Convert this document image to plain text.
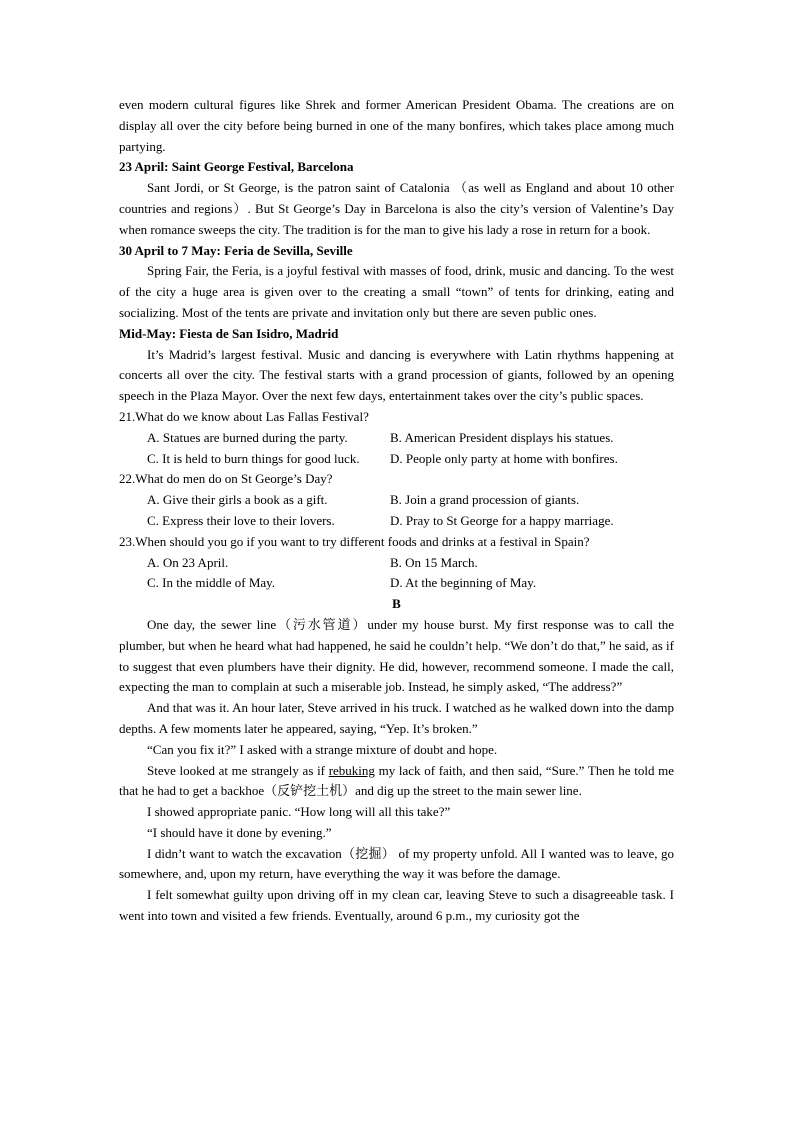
even modern cultural figures like Shrek and former American President Obama. The creations are on display all over the city before being burned in one of the many bonfires, which takes place among much partying.

23 April: Saint George Festival, Barcelona

Sant Jordi, or St George, is the patron saint of Catalonia （as well as England and about 10 other countries and regions）. But St George’s Day in Barcelona is also the city’s version of Valentine’s Day when romance sweeps the city. The tradition is for the man to give his lady a rose in return for a book.

30 April to 7 May: Feria de Sevilla, Seville

Spring Fair, the Feria, is a joyful festival with masses of food, drink, music and dancing. To the west of the city a huge area is given over to the creating a small “town” of tents for drinking, eating and socializing. Most of the tents are private and invitation only but there are seven public ones.

Mid-May: Fiesta de San Isidro, Madrid

It’s Madrid’s largest festival. Music and dancing is everywhere with Latin rhythms happening at concerts all over the city. The festival starts with a grand procession of giants, followed by an opening speech in the Plaza Mayor. Over the next few days, entertainment takes over the city’s public spaces.

21.What do we know about Las Fallas Festival?

A. Statues are burned during the party.	B. American President displays his statues.
C. It is held to burn things for good luck.	D. People only party at home with bonfires.

22.What do men do on St George’s Day?

A. Give their girls a book as a gift.	B. Join a grand procession of giants.
C. Express their love to their lovers.	D. Pray to St George for a happy marriage.

23.When should you go if you want to try different foods and drinks at a festival in Spain?

A. On 23 April.	B. On 15 March.
C. In the middle of May.	D. At the beginning of May.

B

One day, the sewer line（污水管道）under my house burst. My first response was to call the plumber, but when he heard what had happened, he said he couldn’t help. “We don’t do that,” he said, as if to suggest that even plumbers have their dignity. He did, however, recommend someone. I made the call, expecting the man to complain at such a miserable job. Instead, he simply asked, “The address?”

And that was it. An hour later, Steve arrived in his truck. I watched as he walked down into the damp depths. A few moments later he appeared, saying, “Yep. It’s broken.”

“Can you fix it?” I asked with a strange mixture of doubt and hope.

Steve looked at me strangely as if rebuking my lack of faith, and then said, “Sure.” Then he told me that he had to get a backhoe（反铲挖土机）and dig up the street to the main sewer line.

I showed appropriate panic. “How long will all this take?”

“I should have it done by evening.”

I didn’t want to watch the excavation（挖掘） of my property unfold. All I wanted was to leave, go somewhere, and, upon my return, have everything the way it was before the damage.

I felt somewhat guilty upon driving off in my clean car, leaving Steve to such a disagreeable task. I went into town and visited a few friends. Eventually, around 6 p.m., my curiosity got the
